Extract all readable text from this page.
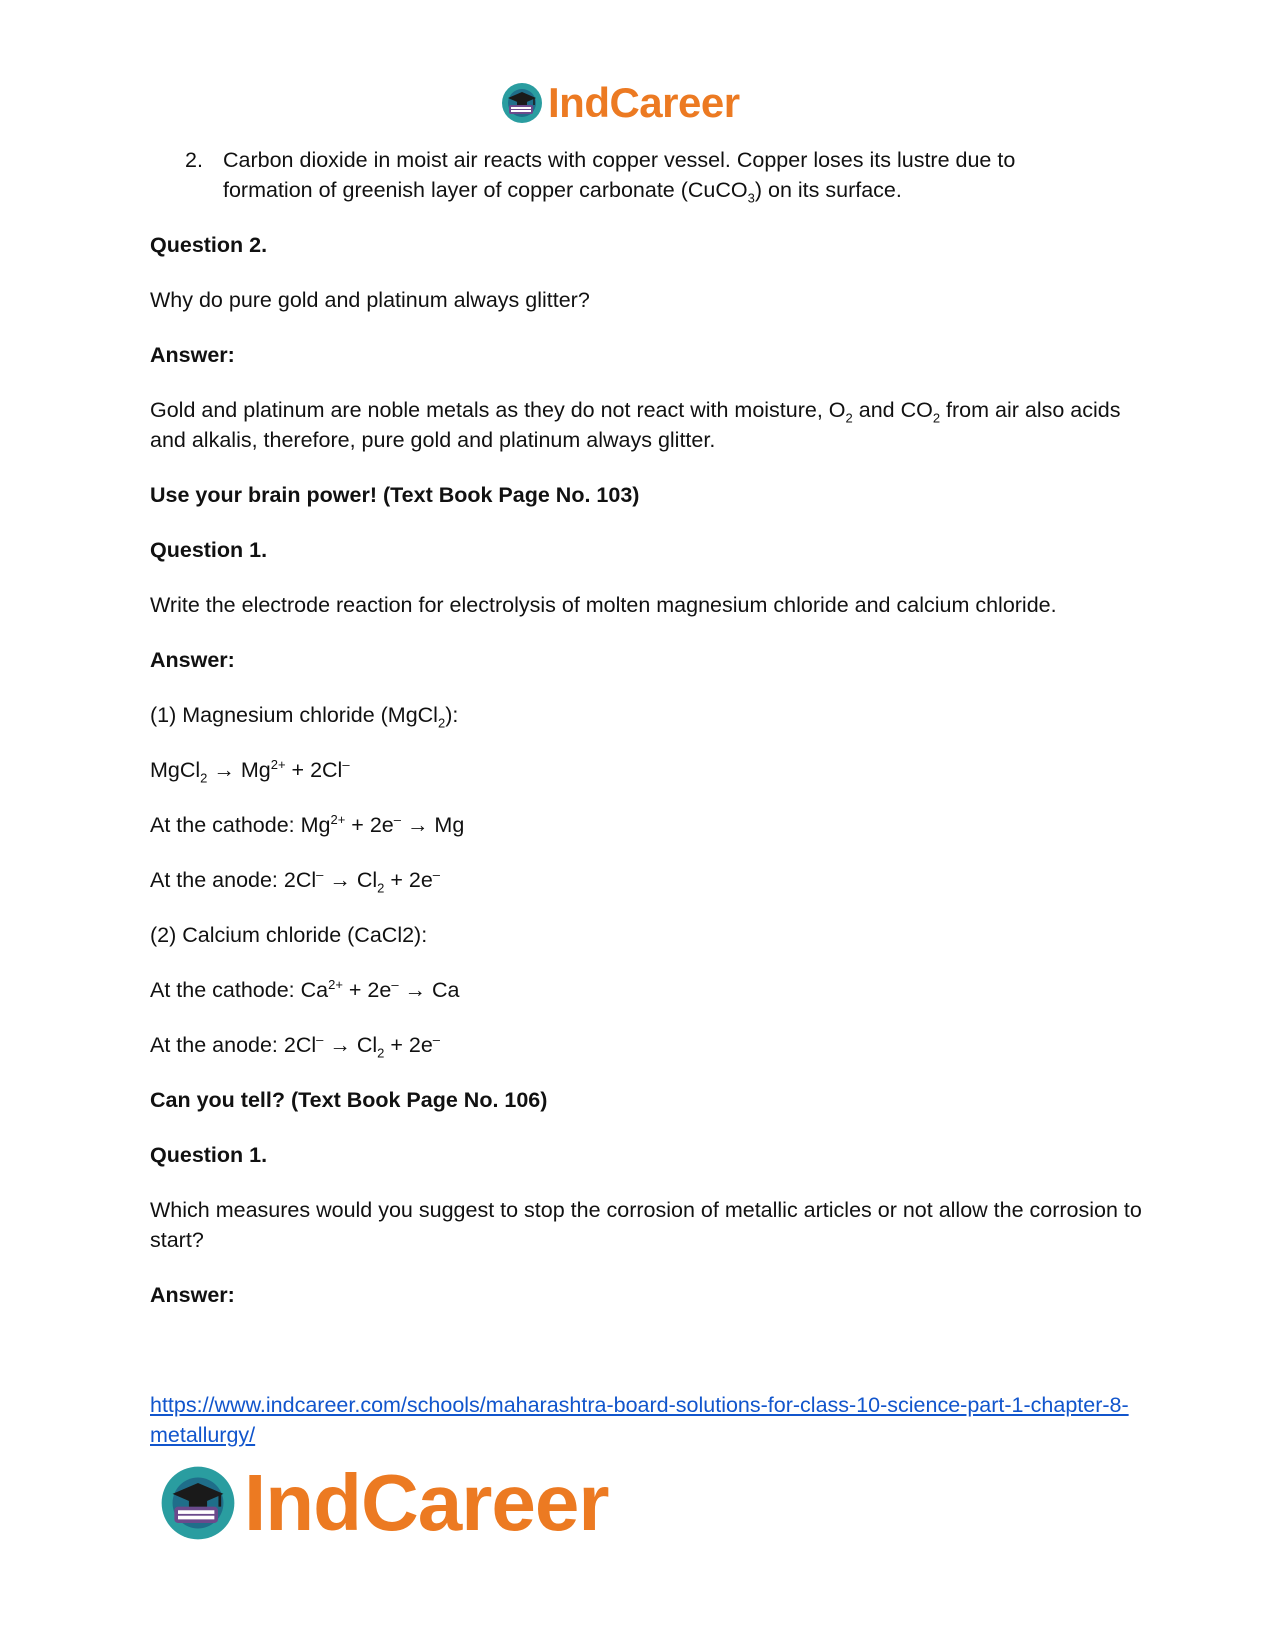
IndCareer
2. Carbon dioxide in moist air reacts with copper vessel. Copper loses its lustre due to formation of greenish layer of copper carbonate (CuCO$_3$) on its surface.

Question 2.

Why do pure gold and platinum always glitter?

Answer:

Gold and platinum are noble metals as they do not react with moisture, $O_2$ and $CO_2$ from air also acids and alkalis, therefore, pure gold and platinum always glitter.

Use your brain power! (Text Book Page No. 103)

Question 1.

Write the electrode reaction for electrolysis of molten magnesium chloride and calcium chloride.

Answer:

(1) Magnesium chloride (MgCl$_2$):

MgCl$_2$ → $Mg^{2+} + 2Cl^-$

At the cathode: $Mg^{2+} + 2e^- \to Mg$

At the anode: $2Cl^- \to Cl_2 + 2e^-$

(2) Calcium chloride (CaCl2):

At the cathode: $Ca^{2+} + 2e^- \to Ca$

At the anode: $2Cl^- \to Cl_2 + 2e^-$

Can you tell? (Text Book Page No. 106)

Question 1.

Which measures would you suggest to stop the corrosion of metallic articles or not allow the corrosion to start?

Answer:

https://www.indcareer.com/schools/maharashtra-board-solutions-for-class-10-science-part-1-chapter-8-metallurgy/
IndCareer
